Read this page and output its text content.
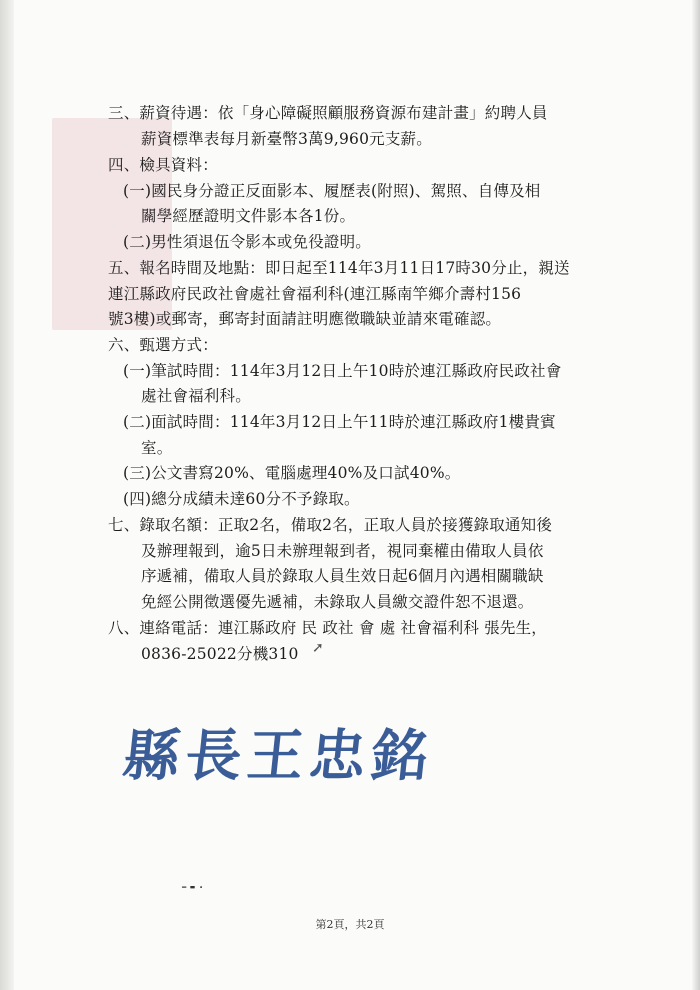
三、薪資待遇：依「身心障礙照顧服務資源布建計畫」約聘人員
薪資標準表每月新臺幣3萬9,960元支薪。
四、檢具資料：
(一)國民身分證正反面影本、履歷表(附照)、駕照、自傳及相
關學經歷證明文件影本各1份。
(二)男性須退伍令影本或免役證明。
五、報名時間及地點：即日起至114年3月11日17時30分止，親送
連江縣政府民政社會處社會福利科(連江縣南竿鄉介壽村156
號3樓)或郵寄，郵寄封面請註明應徵職缺並請來電確認。
六、甄選方式：
(一)筆試時間：114年3月12日上午10時於連江縣政府民政社會
處社會福利科。
(二)面試時間：114年3月12日上午11時於連江縣政府1樓貴賓
室。
(三)公文書寫20%、電腦處理40%及口試40%。
(四)總分成績未達60分不予錄取。
七、錄取名額：正取2名，備取2名，正取人員於接獲錄取通知後
及辦理報到，逾5日未辦理報到者，視同棄權由備取人員依
序遞補，備取人員於錄取人員生效日起6個月內遇相關職缺
免經公開徵選優先遞補，未錄取人員繳交證件恕不退還。
八、連絡電話：連江縣政府 民 政社 會 處 社會福利科 張先生，
0836-25022分機310
縣長王忠銘
➚
╴╸·
第2頁，共2頁
